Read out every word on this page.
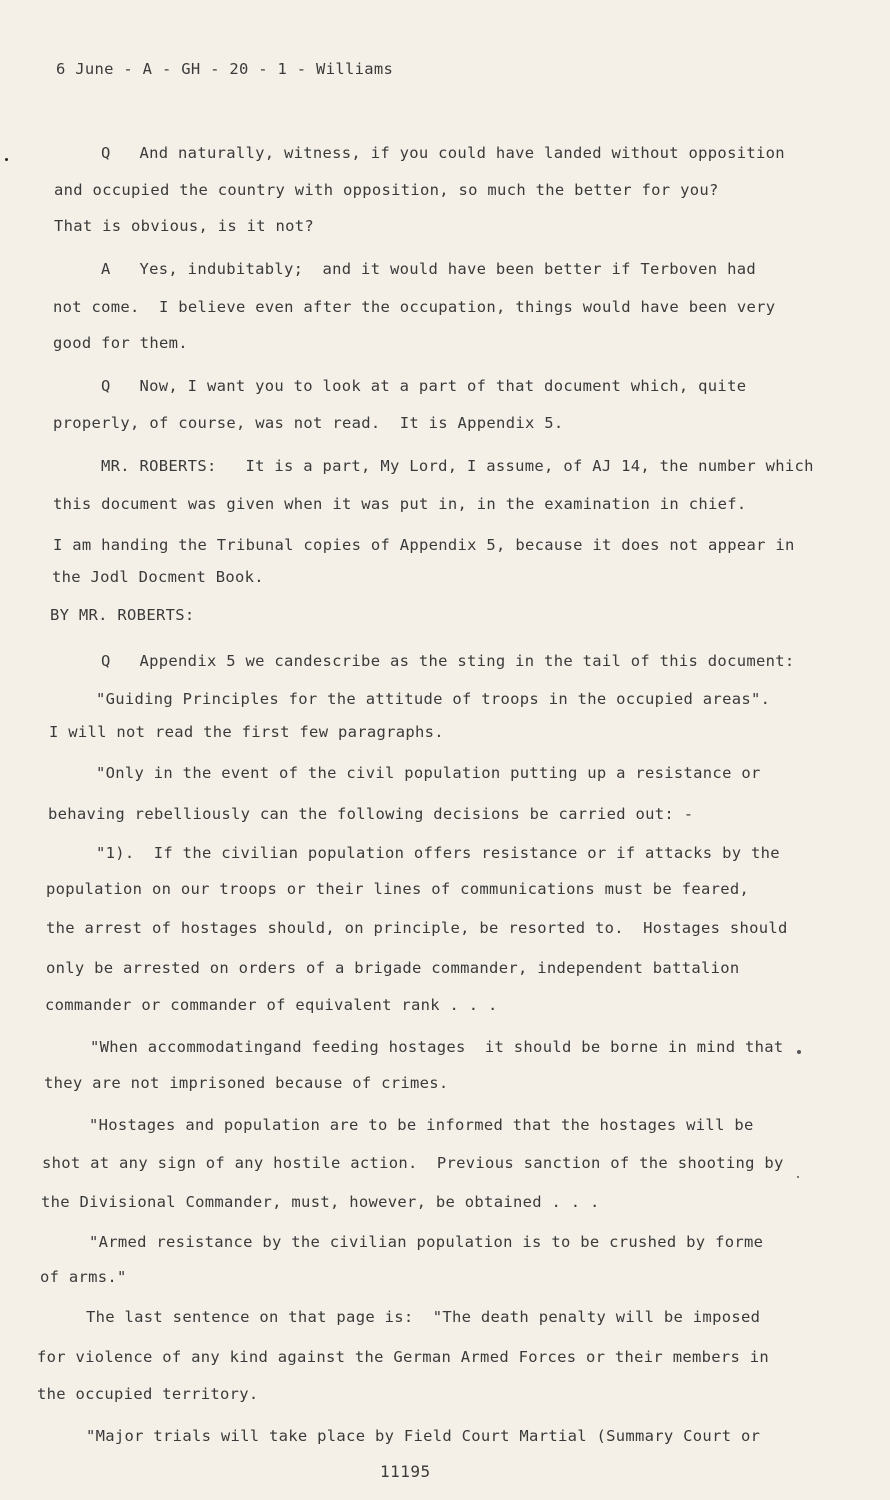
6 June - A - GH - 20 - 1 - Williams
Q   And naturally, witness, if you could have landed without opposition
and occupied the country with opposition, so much the better for you?
That is obvious, is it not?
A   Yes, indubitably;  and it would have been better if Terboven had
not come.  I believe even after the occupation, things would have been very
good for them.
Q   Now, I want you to look at a part of that document which, quite
properly, of course, was not read.  It is Appendix 5.
MR. ROBERTS:   It is a part, My Lord, I assume, of AJ 14, the number which
this document was given when it was put in, in the examination in chief.
I am handing the Tribunal copies of Appendix 5, because it does not appear in
the Jodl Docment Book.
BY MR. ROBERTS:
Q   Appendix 5 we candescribe as the sting in the tail of this document:
"Guiding Principles for the attitude of troops in the occupied areas".
I will not read the first few paragraphs.
"Only in the event of the civil population putting up a resistance or
behaving rebelliously can the following decisions be carried out: -
"1).  If the civilian population offers resistance or if attacks by the
population on our troops or their lines of communications must be feared,
the arrest of hostages should, on principle, be resorted to.  Hostages should
only be arrested on orders of a brigade commander, independent battalion
commander or commander of equivalent rank . . .
"When accommodatingand feeding hostages  it should be borne in mind that
they are not imprisoned because of crimes.
"Hostages and population are to be informed that the hostages will be
shot at any sign of any hostile action.  Previous sanction of the shooting by
the Divisional Commander, must, however, be obtained . . .
"Armed resistance by the civilian population is to be crushed by forme
of arms."
The last sentence on that page is:  "The death penalty will be imposed
for violence of any kind against the German Armed Forces or their members in
the occupied territory.
"Major trials will take place by Field Court Martial (Summary Court or
11195
